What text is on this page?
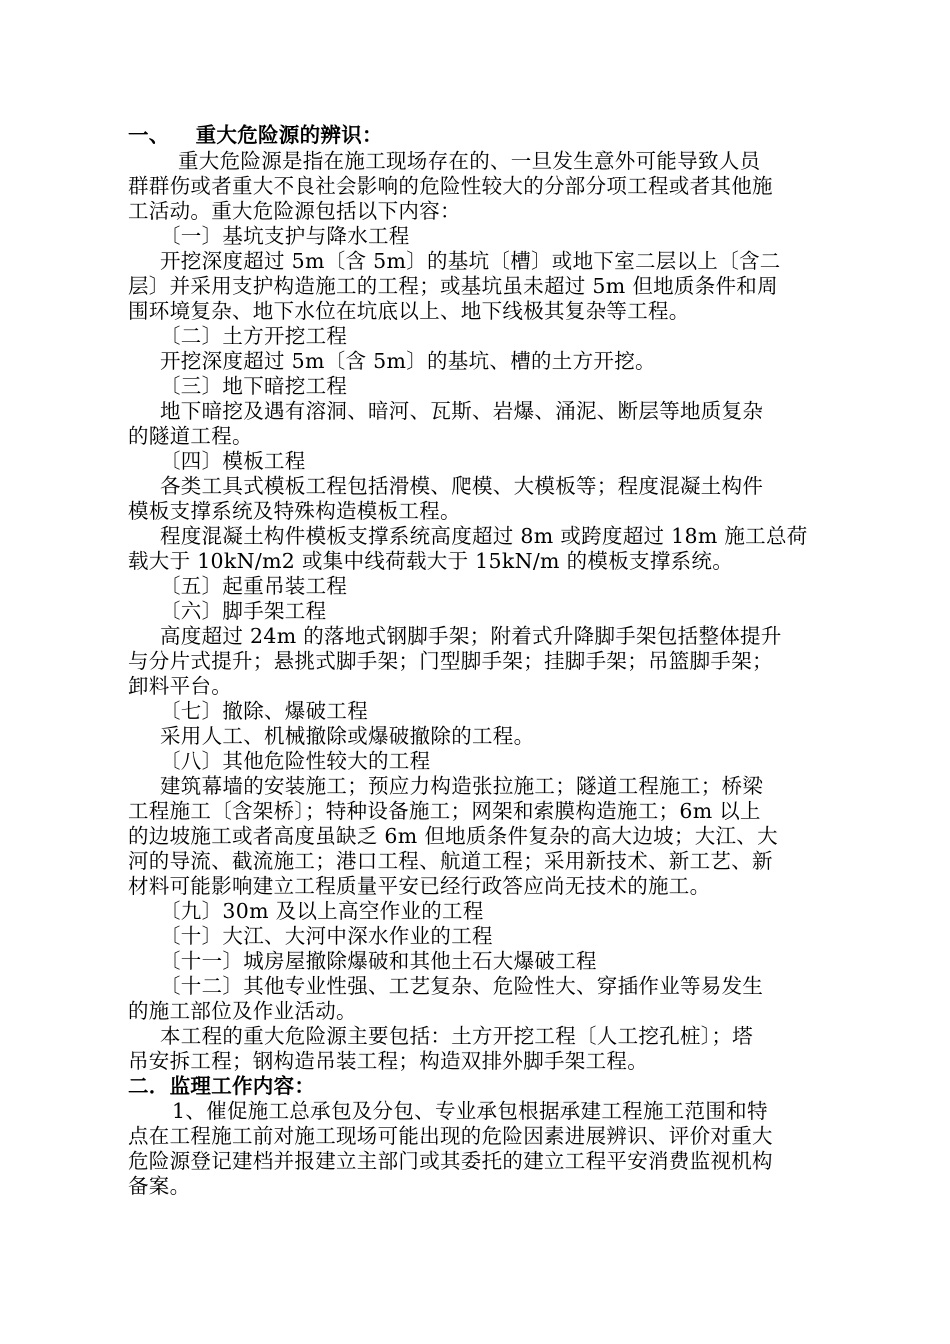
一、 重大危险源的辨识：
重大危险源是指在施工现场存在的、一旦发生意外可能导致人员
群群伤或者重大不良社会影响的危险性较大的分部分项工程或者其他施
工活动。重大危险源包括以下内容：
〔一〕基坑支护与降水工程
开挖深度超过 5m〔含 5m〕的基坑〔槽〕或地下室二层以上〔含二
层〕并采用支护构造施工的工程；或基坑虽未超过 5m 但地质条件和周
围环境复杂、地下水位在坑底以上、地下线极其复杂等工程。
〔二〕土方开挖工程
开挖深度超过 5m〔含 5m〕的基坑、槽的土方开挖。
〔三〕地下暗挖工程
地下暗挖及遇有溶洞、暗河、瓦斯、岩爆、涌泥、断层等地质复杂
的隧道工程。
〔四〕模板工程
各类工具式模板工程包括滑模、爬模、大模板等；程度混凝土构件
模板支撑系统及特殊构造模板工程。
程度混凝土构件模板支撑系统高度超过 8m 或跨度超过 18m 施工总荷
载大于 10kN/m2 或集中线荷载大于 15kN/m 的模板支撑系统。
〔五〕起重吊装工程
〔六〕脚手架工程
高度超过 24m 的落地式钢脚手架；附着式升降脚手架包括整体提升
与分片式提升；悬挑式脚手架；门型脚手架；挂脚手架；吊篮脚手架；
卸料平台。
〔七〕撤除、爆破工程
采用人工、机械撤除或爆破撤除的工程。
〔八〕其他危险性较大的工程
建筑幕墙的安装施工；预应力构造张拉施工；隧道工程施工；桥梁
工程施工〔含架桥〕；特种设备施工；网架和索膜构造施工；6m 以上
的边坡施工或者高度虽缺乏 6m 但地质条件复杂的高大边坡；大江、大
河的导流、截流施工；港口工程、航道工程；采用新技术、新工艺、新
材料可能影响建立工程质量平安已经行政答应尚无技术的施工。
〔九〕30m 及以上高空作业的工程
〔十〕大江、大河中深水作业的工程
〔十一〕城房屋撤除爆破和其他土石大爆破工程
〔十二〕其他专业性强、工艺复杂、危险性大、穿插作业等易发生
的施工部位及作业活动。
本工程的重大危险源主要包括：土方开挖工程〔人工挖孔桩〕；塔
吊安拆工程；钢构造吊装工程；构造双排外脚手架工程。
二．监理工作内容：
1、催促施工总承包及分包、专业承包根据承建工程施工范围和特
点在工程施工前对施工现场可能出现的危险因素进展辨识、评价对重大
危险源登记建档并报建立主部门或其委托的建立工程平安消费监视机构
备案。
